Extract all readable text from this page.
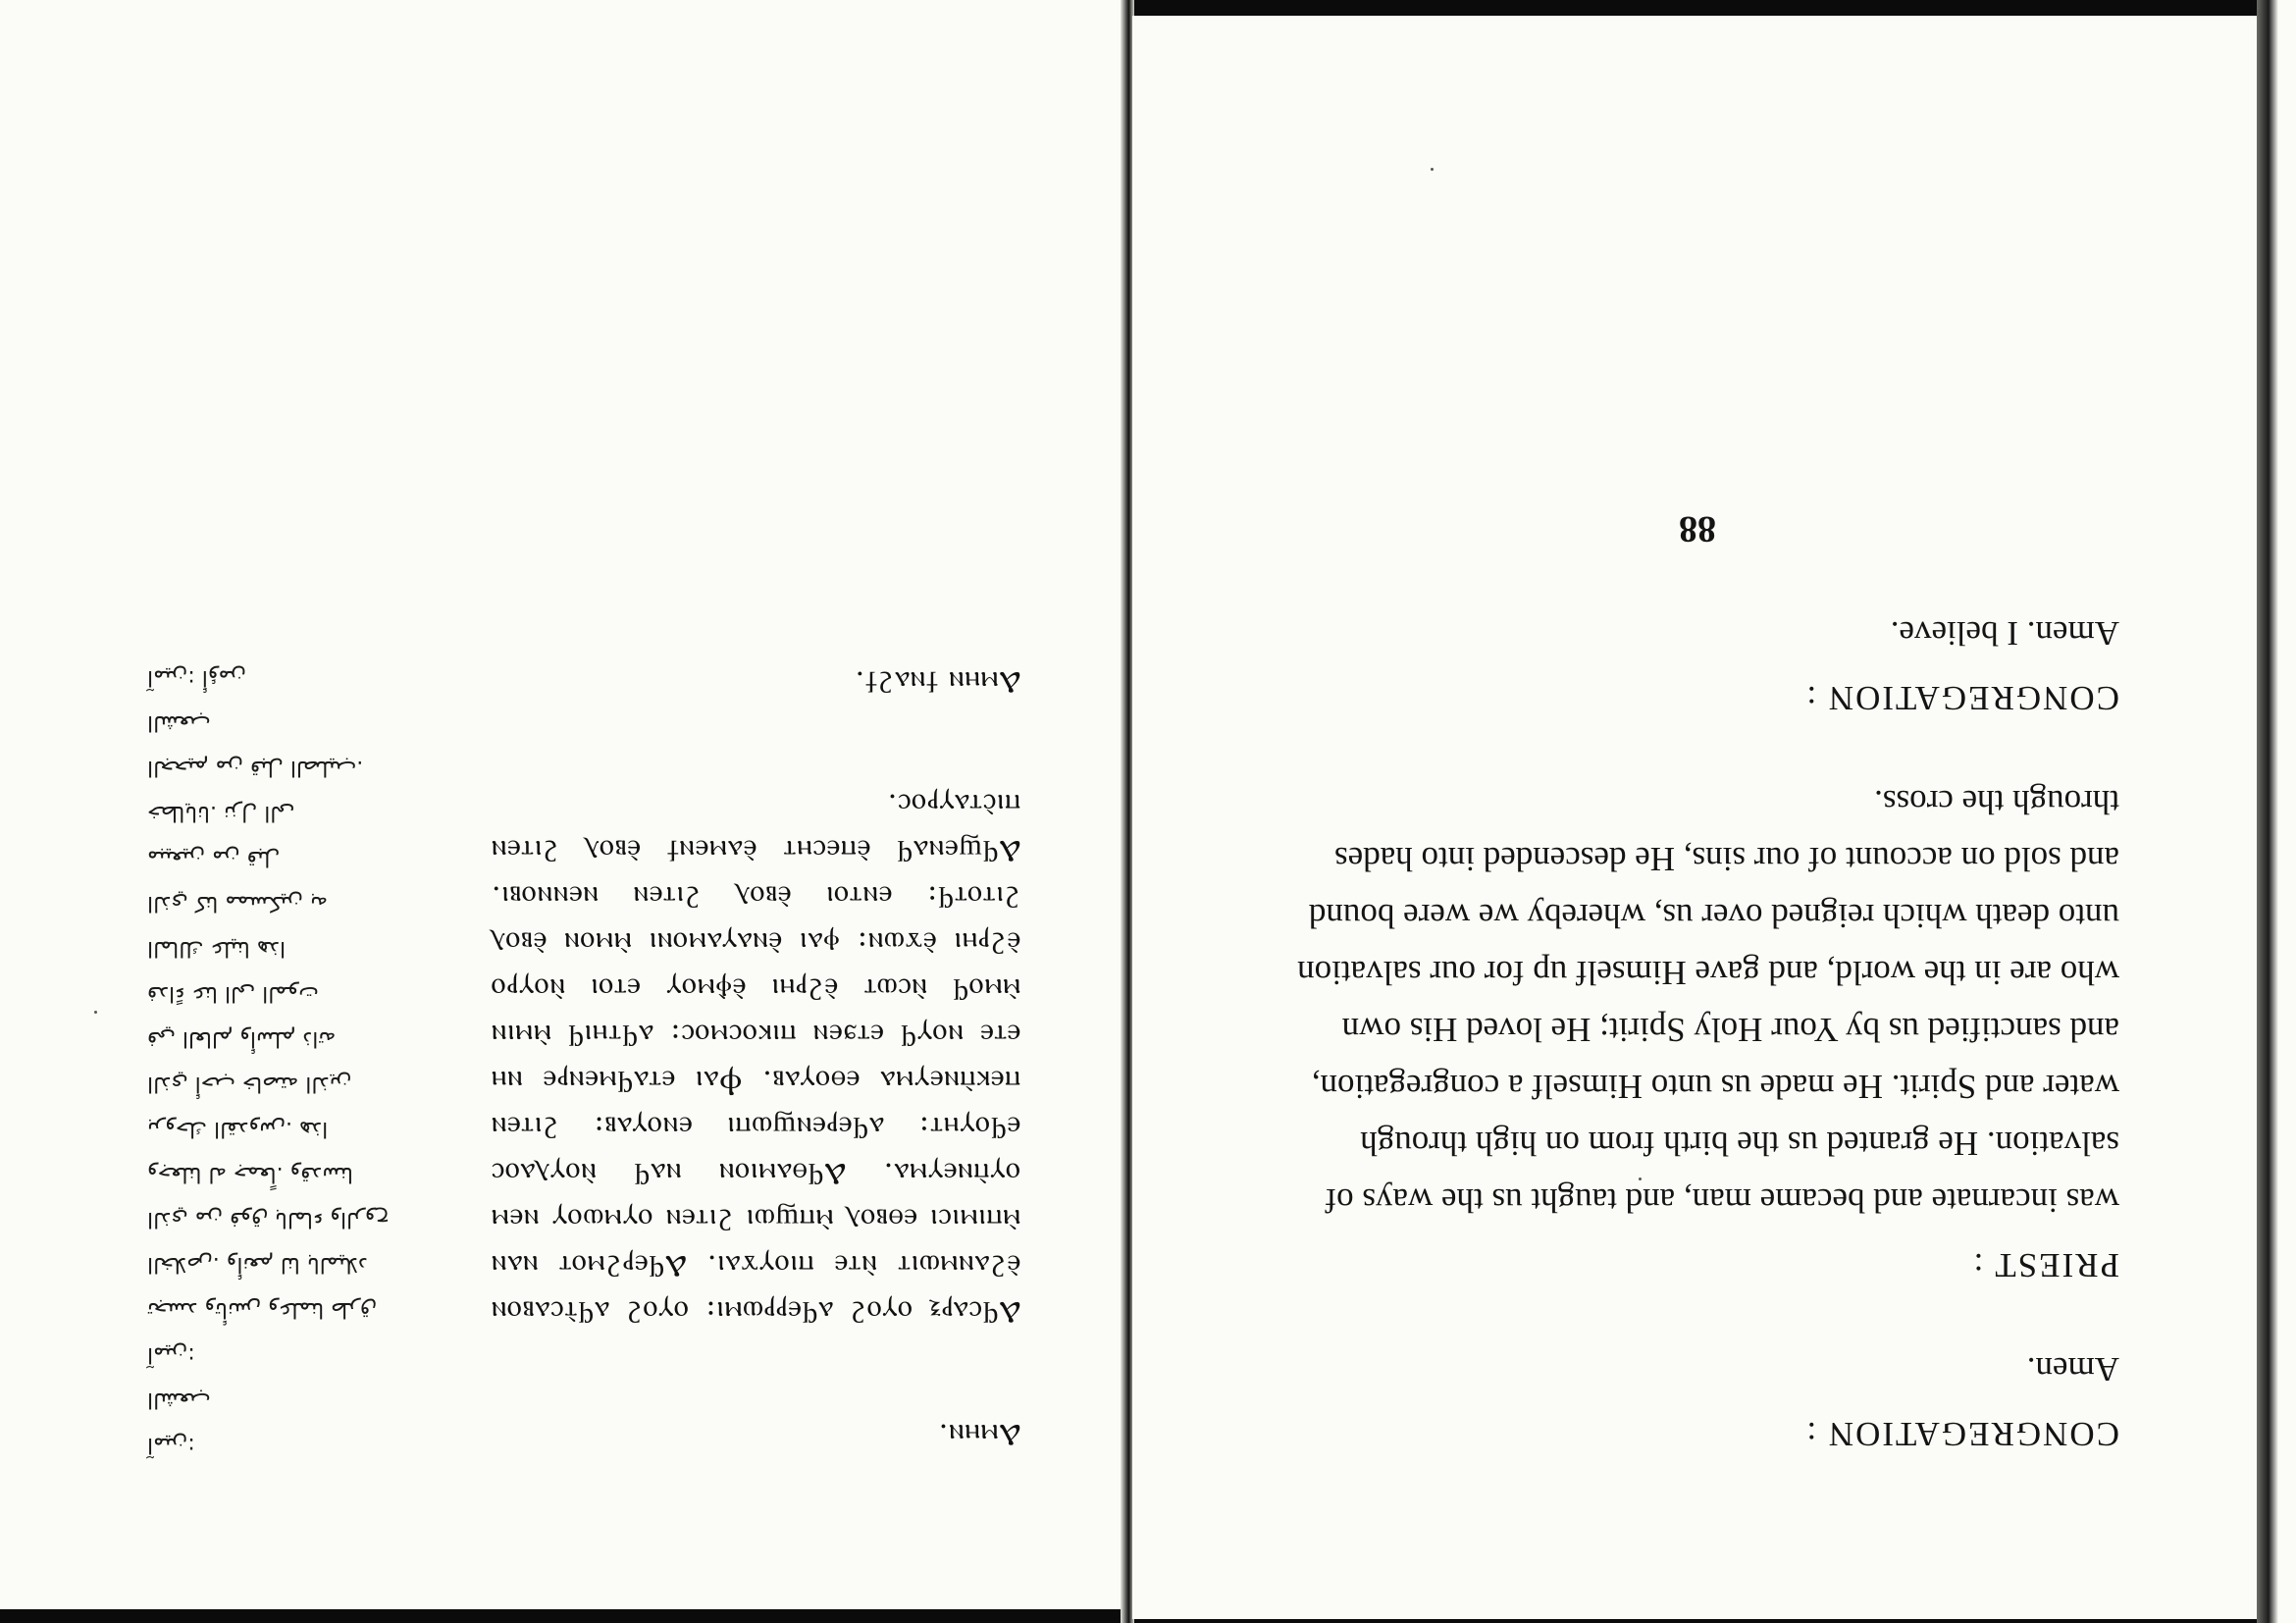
Ⲁⲙⲏⲛ.

Ⲁϥⲥⲁⲣⲝ ⲟⲩⲟϩ ⲁϥⲉⲣⲣⲱⲙⲓ: ⲟⲩⲟϩ ⲁϥⲧ̀ⲥⲁⲃⲟⲛ ⲉ̀ϩⲁⲛⲙⲱⲓⲧ ⲛ̀ⲧⲉ ⲡⲓⲟⲩϫⲁⲓ. Ⲁϥⲉⲣϩⲙⲟⲧ ⲛⲁⲛ ⲙ̀ⲡⲓⲙⲓⲥⲓ ⲉⲑⲃⲟⲗ ⲙ̀ⲡϣⲱⲓ ϩⲓⲧⲉⲛ ⲟⲩⲙⲱⲟⲩ ⲛⲉⲙ ⲟⲩⲡ̀ⲛⲉⲩⲙⲁ. Ⲁϥⲑⲁⲙⲓⲟⲛ ⲛⲁϥ ⲛ̀ⲟⲩⲗⲁⲟⲥ ⲉϥⲟⲩⲏⲧ: ⲁϥⲉⲣⲉⲛϣⲱⲡⲓ ⲉⲛⲟⲩⲁⲃ: ϩⲓⲧⲉⲛ ⲡⲉⲕⲡ̀ⲛⲉⲩⲙⲁ ⲉⲑⲟⲩⲁⲃ. Ⲫⲁⲓ ⲉⲧⲁϥⲙⲉⲛⲣⲉ ⲛⲏ ⲉⲧⲉ ⲛⲟⲩϥ ⲉⲧϧⲉⲛ ⲡⲓⲕⲟⲥⲙⲟⲥ: ⲁϥⲧⲏⲓϥ ⲙ̀ⲙⲓⲛ ⲙ̀ⲙⲟϥ ⲛ̀ⲥⲱⲧ ⲉ̀ϩⲣⲏⲓ ⲉ̀ⲫ̀ⲙⲟⲩ ⲉⲧⲟⲓ ⲛ̀ⲟⲩⲣⲟ ⲉ̀ϩⲣⲏⲓ ⲉ̀ϫⲱⲛ: ⲫⲁⲓ ⲉ̀ⲛⲁⲩⲁⲙⲟⲛⲓ ⲙ̀ⲙⲟⲛ ⲉ̀ⲃⲟⲗ ϩⲓⲧⲟⲧϥ: ⲉⲛⲧⲟⲓ ⲉ̀ⲃⲟⲗ ϩⲓⲧⲉⲛ ⲛⲉⲛⲛⲟⲃⲓ. Ⲁϥϣⲉⲛⲁϥ ⲉ̀ⲡⲉⲥⲏⲧ ⲉ̀ⲁⲙⲉⲛϯ ⲉ̀ⲃⲟⲗ ϩⲓⲧⲉⲛ ⲡⲓⲥ̀ⲧⲁⲩⲣⲟⲥ.

Ⲁⲙⲏⲛ ϯⲛⲁϩϯ.

آمين:
الشعب
آمين:
تجسد وتأنس وعلمنا طرق
الخلاص. وأنعم لنا بالميلاد
الذي من فوق بالماء والروح
وجعلنا له جمعاً. وقدسنا
بروحك القدوس. هذا
الذي أحب خاصته الذين
في العالم وأسلم ذاته
فداءً عنا الى الموت
المالك علينا هذا
الذي كنا ممسكين به
مبيعين من قبل
خطايانا. نزل الى
الجحيم من قبل الصليب.
الشعب
آمين: أؤمن

CONGREGATION :

Amen.

PRIEST :

was incarnate and became man, and taught us the ways of salvation. He granted us the birth from on high through water and Spirit. He made us unto Himself a congregation, and sanctified us by Your Holy Spirit; He loved His own who are in the world, and gave Himself up for our salvation unto death which reigned over us, whereby we were bound and sold on account of our sins, He descended into hades through the cross.

CONGREGATION :

Amen. I believe.

88
